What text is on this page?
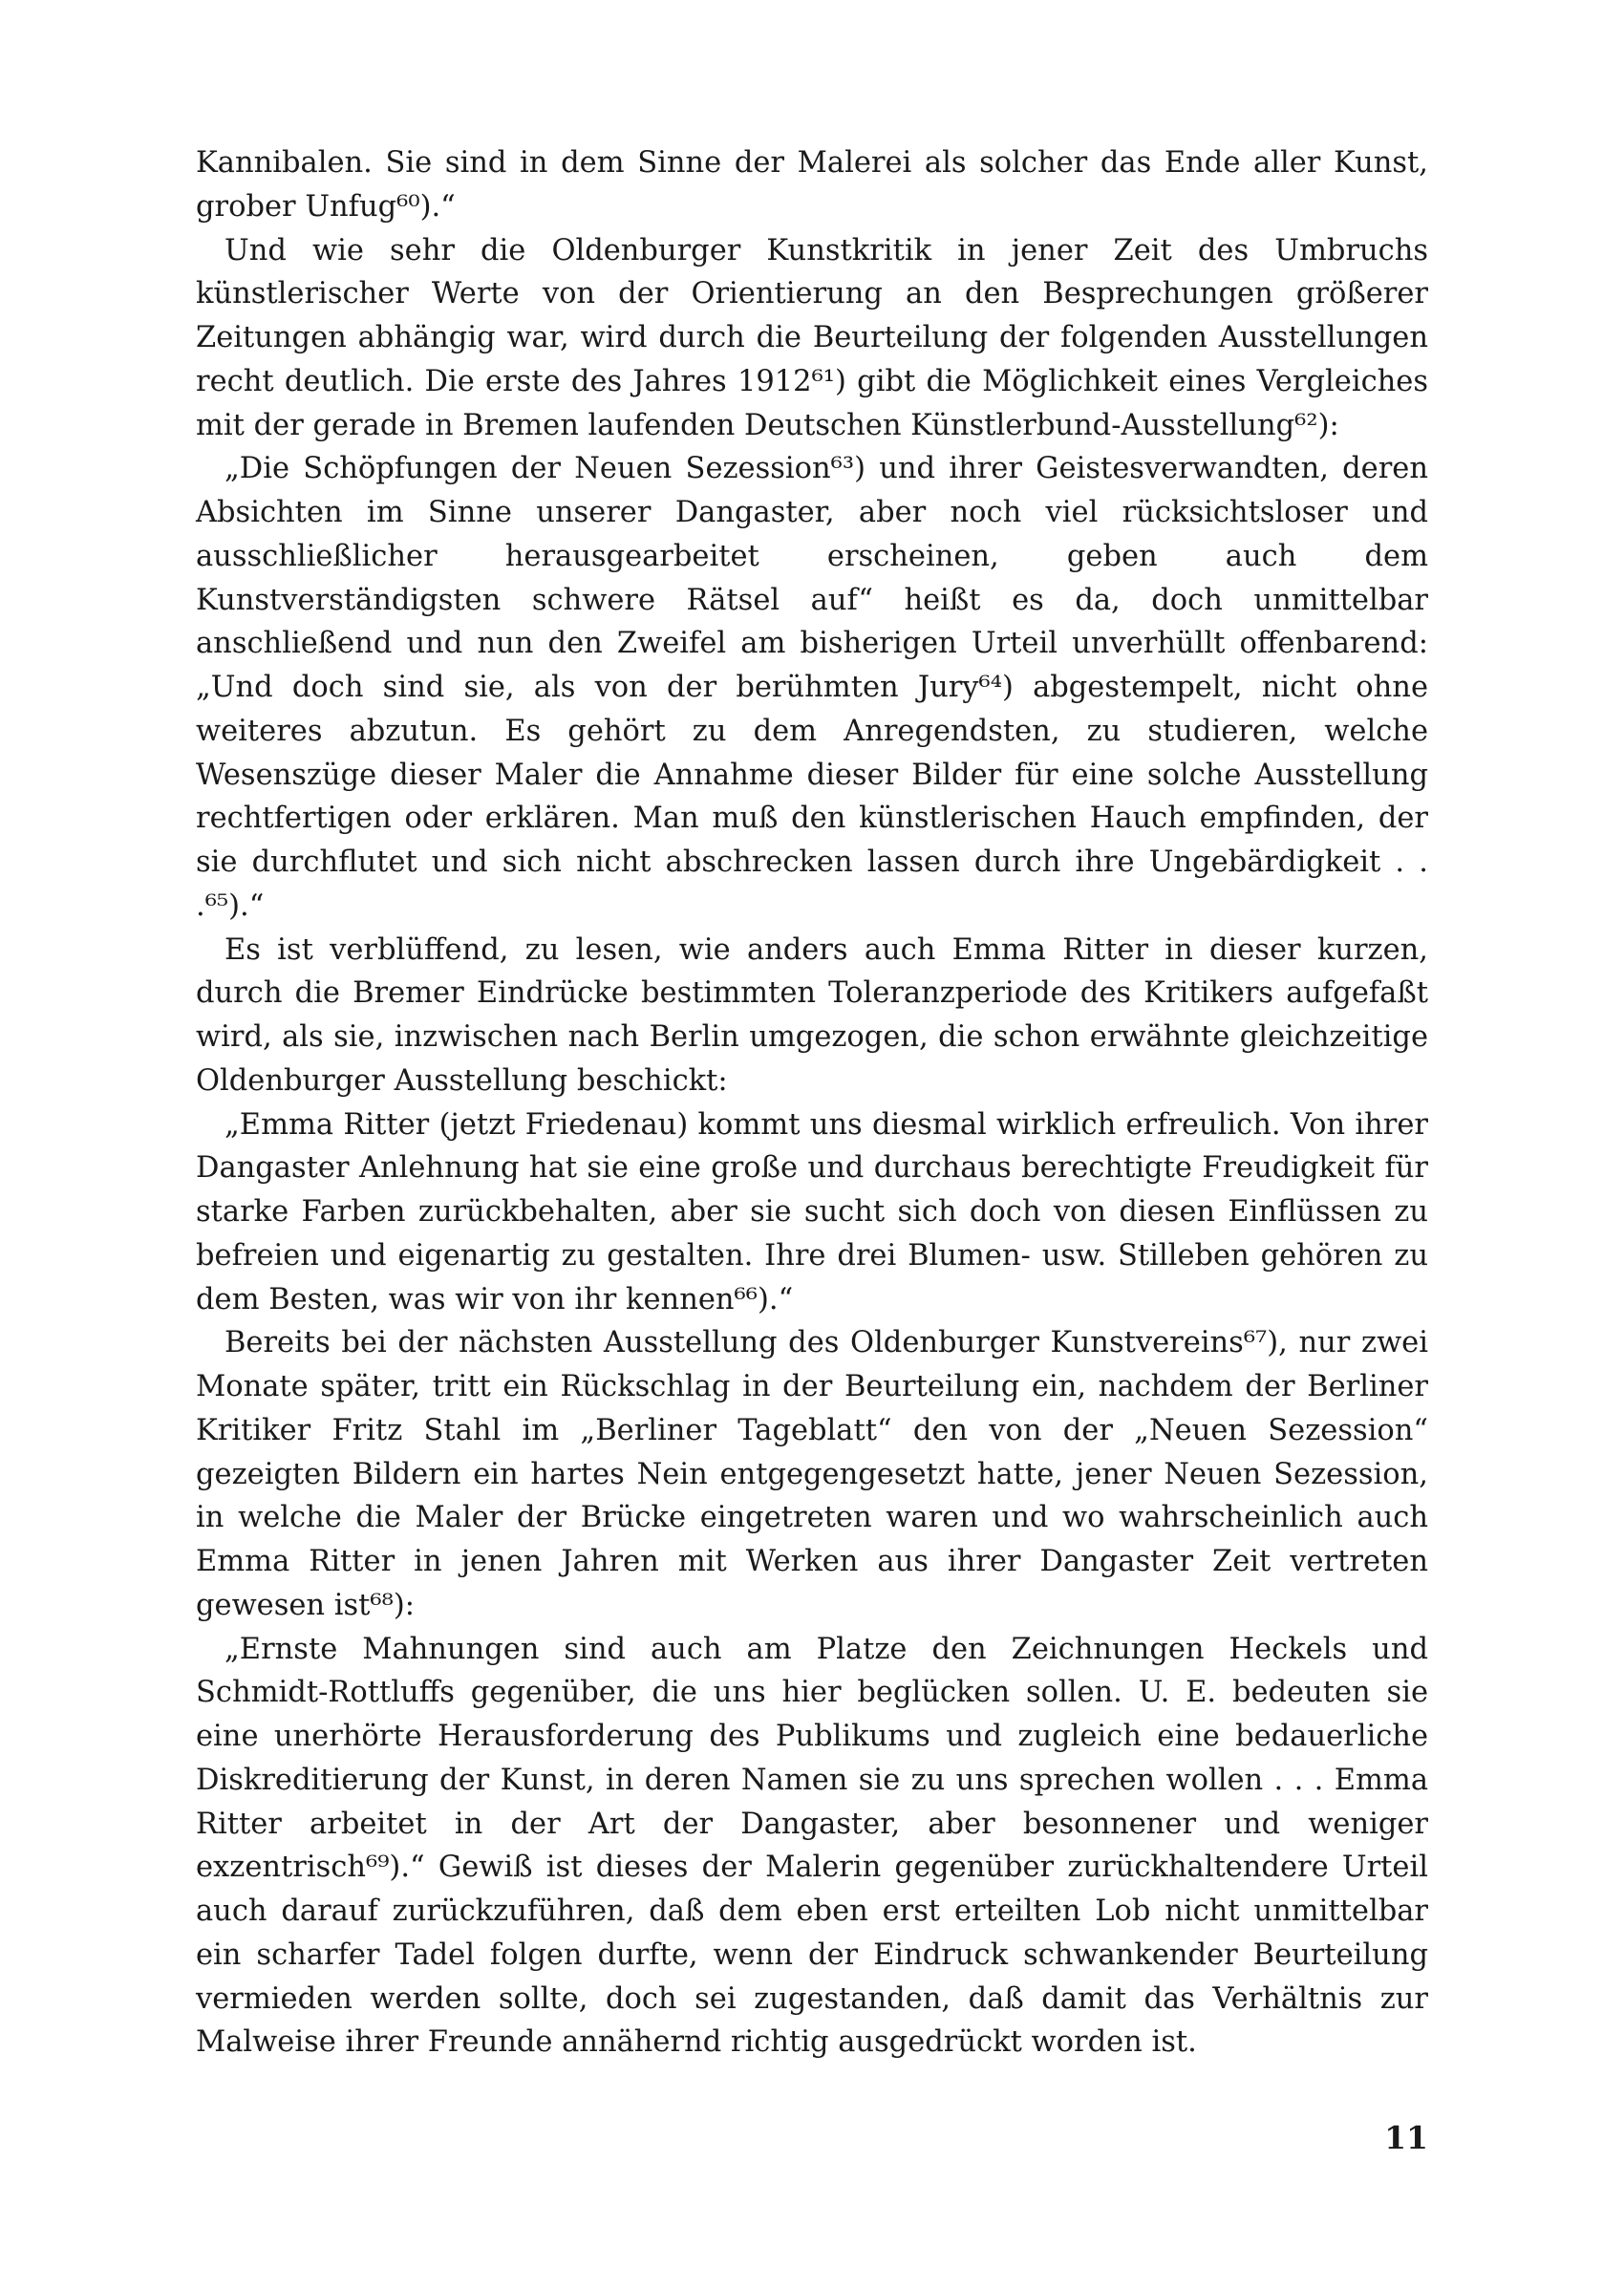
Kannibalen. Sie sind in dem Sinne der Malerei als solcher das Ende aller Kunst, grober Unfug⁶⁰).“

Und wie sehr die Oldenburger Kunstkritik in jener Zeit des Umbruchs künstlerischer Werte von der Orientierung an den Besprechungen größerer Zeitungen abhängig war, wird durch die Beurteilung der folgenden Ausstellungen recht deutlich. Die erste des Jahres 1912⁶¹) gibt die Möglichkeit eines Vergleiches mit der gerade in Bremen laufenden Deutschen Künstlerbund-Ausstellung⁶²):

„Die Schöpfungen der Neuen Sezession⁶³) und ihrer Geistesverwandten, deren Absichten im Sinne unserer Dangaster, aber noch viel rücksichtsloser und ausschließlicher herausgearbeitet erscheinen, geben auch dem Kunstverständigsten schwere Rätsel auf“ heißt es da, doch unmittelbar anschließend und nun den Zweifel am bisherigen Urteil unverhüllt offenbarend: „Und doch sind sie, als von der berühmten Jury⁶⁴) abgestempelt, nicht ohne weiteres abzutun. Es gehört zu dem Anregendsten, zu studieren, welche Wesenszüge dieser Maler die Annahme dieser Bilder für eine solche Ausstellung rechtfertigen oder erklären. Man muß den künstlerischen Hauch empfinden, der sie durchflutet und sich nicht abschrecken lassen durch ihre Ungebärdigkeit . . .⁶⁵).“

Es ist verblüffend, zu lesen, wie anders auch Emma Ritter in dieser kurzen, durch die Bremer Eindrücke bestimmten Toleranzperiode des Kritikers aufgefaßt wird, als sie, inzwischen nach Berlin umgezogen, die schon erwähnte gleichzeitige Oldenburger Ausstellung beschickt:

„Emma Ritter (jetzt Friedenau) kommt uns diesmal wirklich erfreulich. Von ihrer Dangaster Anlehnung hat sie eine große und durchaus berechtigte Freudigkeit für starke Farben zurückbehalten, aber sie sucht sich doch von diesen Einflüssen zu befreien und eigenartig zu gestalten. Ihre drei Blumen- usw. Stilleben gehören zu dem Besten, was wir von ihr kennen⁶⁶).“

Bereits bei der nächsten Ausstellung des Oldenburger Kunstvereins⁶⁷), nur zwei Monate später, tritt ein Rückschlag in der Beurteilung ein, nachdem der Berliner Kritiker Fritz Stahl im „Berliner Tageblatt“ den von der „Neuen Sezession“ gezeigten Bildern ein hartes Nein entgegengesetzt hatte, jener Neuen Sezession, in welche die Maler der Brücke eingetreten waren und wo wahrscheinlich auch Emma Ritter in jenen Jahren mit Werken aus ihrer Dangaster Zeit vertreten gewesen ist⁶⁸):

„Ernste Mahnungen sind auch am Platze den Zeichnungen Heckels und Schmidt-Rottluffs gegenüber, die uns hier beglücken sollen. U. E. bedeuten sie eine unerhörte Herausforderung des Publikums und zugleich eine bedauerliche Diskreditierung der Kunst, in deren Namen sie zu uns sprechen wollen . . . Emma Ritter arbeitet in der Art der Dangaster, aber besonnener und weniger exzentrisch⁶⁹).“ Gewiß ist dieses der Malerin gegenüber zurückhaltendere Urteil auch darauf zurückzuführen, daß dem eben erst erteilten Lob nicht unmittelbar ein scharfer Tadel folgen durfte, wenn der Eindruck schwankender Beurteilung vermieden werden sollte, doch sei zugestanden, daß damit das Verhältnis zur Malweise ihrer Freunde annähernd richtig ausgedrückt worden ist.

11
